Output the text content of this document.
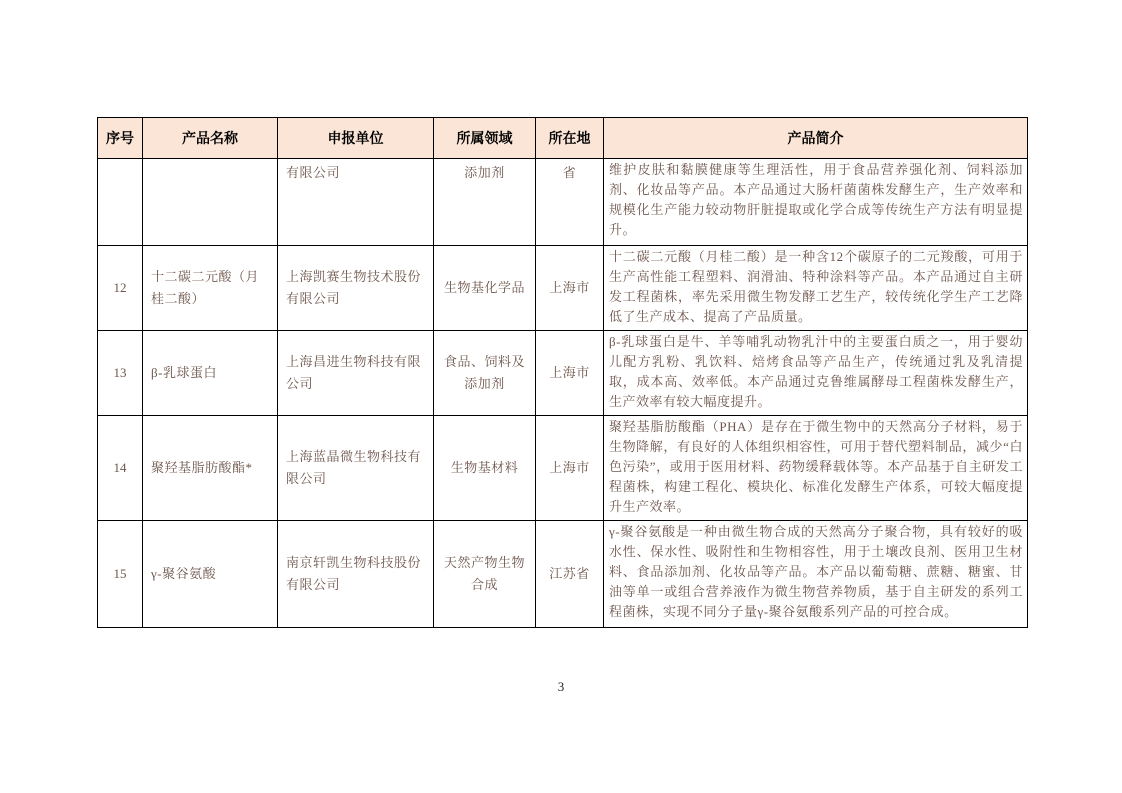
序号	产品名称	申报单位	所属领域	所在地	产品简介
		有限公司	添加剂	省	维护皮肤和黏膜健康等生理活性，用于食品营养强化剂、饲料添加剂、化妆品等产品。本产品通过大肠杆菌菌株发酵生产，生产效率和规模化生产能力较动物肝脏提取或化学合成等传统生产方法有明显提升。
12	十二碳二元酸（月桂二酸）	上海凯赛生物技术股份有限公司	生物基化学品	上海市	十二碳二元酸（月桂二酸）是一种含12个碳原子的二元羧酸，可用于生产高性能工程塑料、润滑油、特种涂料等产品。本产品通过自主研发工程菌株，率先采用微生物发酵工艺生产，较传统化学生产工艺降低了生产成本、提高了产品质量。
13	β-乳球蛋白	上海昌进生物科技有限公司	食品、饲料及添加剂	上海市	β-乳球蛋白是牛、羊等哺乳动物乳汁中的主要蛋白质之一，用于婴幼儿配方乳粉、乳饮料、焙烤食品等产品生产，传统通过乳及乳清提取，成本高、效率低。本产品通过克鲁维属酵母工程菌株发酵生产，生产效率有较大幅度提升。
14	聚羟基脂肪酸酯*	上海蓝晶微生物科技有限公司	生物基材料	上海市	聚羟基脂肪酸酯（PHA）是存在于微生物中的天然高分子材料，易于生物降解，有良好的人体组织相容性，可用于替代塑料制品，减少“白色污染”，或用于医用材料、药物缓释载体等。本产品基于自主研发工程菌株，构建工程化、模块化、标准化发酵生产体系，可较大幅度提升生产效率。
15	γ-聚谷氨酸	南京轩凯生物科技股份有限公司	天然产物生物合成	江苏省	γ-聚谷氨酸是一种由微生物合成的天然高分子聚合物，具有较好的吸水性、保水性、吸附性和生物相容性，用于土壤改良剂、医用卫生材料、食品添加剂、化妆品等产品。本产品以葡萄糖、蔗糖、糖蜜、甘油等单一或组合营养液作为微生物营养物质，基于自主研发的系列工程菌株，实现不同分子量γ-聚谷氨酸系列产品的可控合成。
3
